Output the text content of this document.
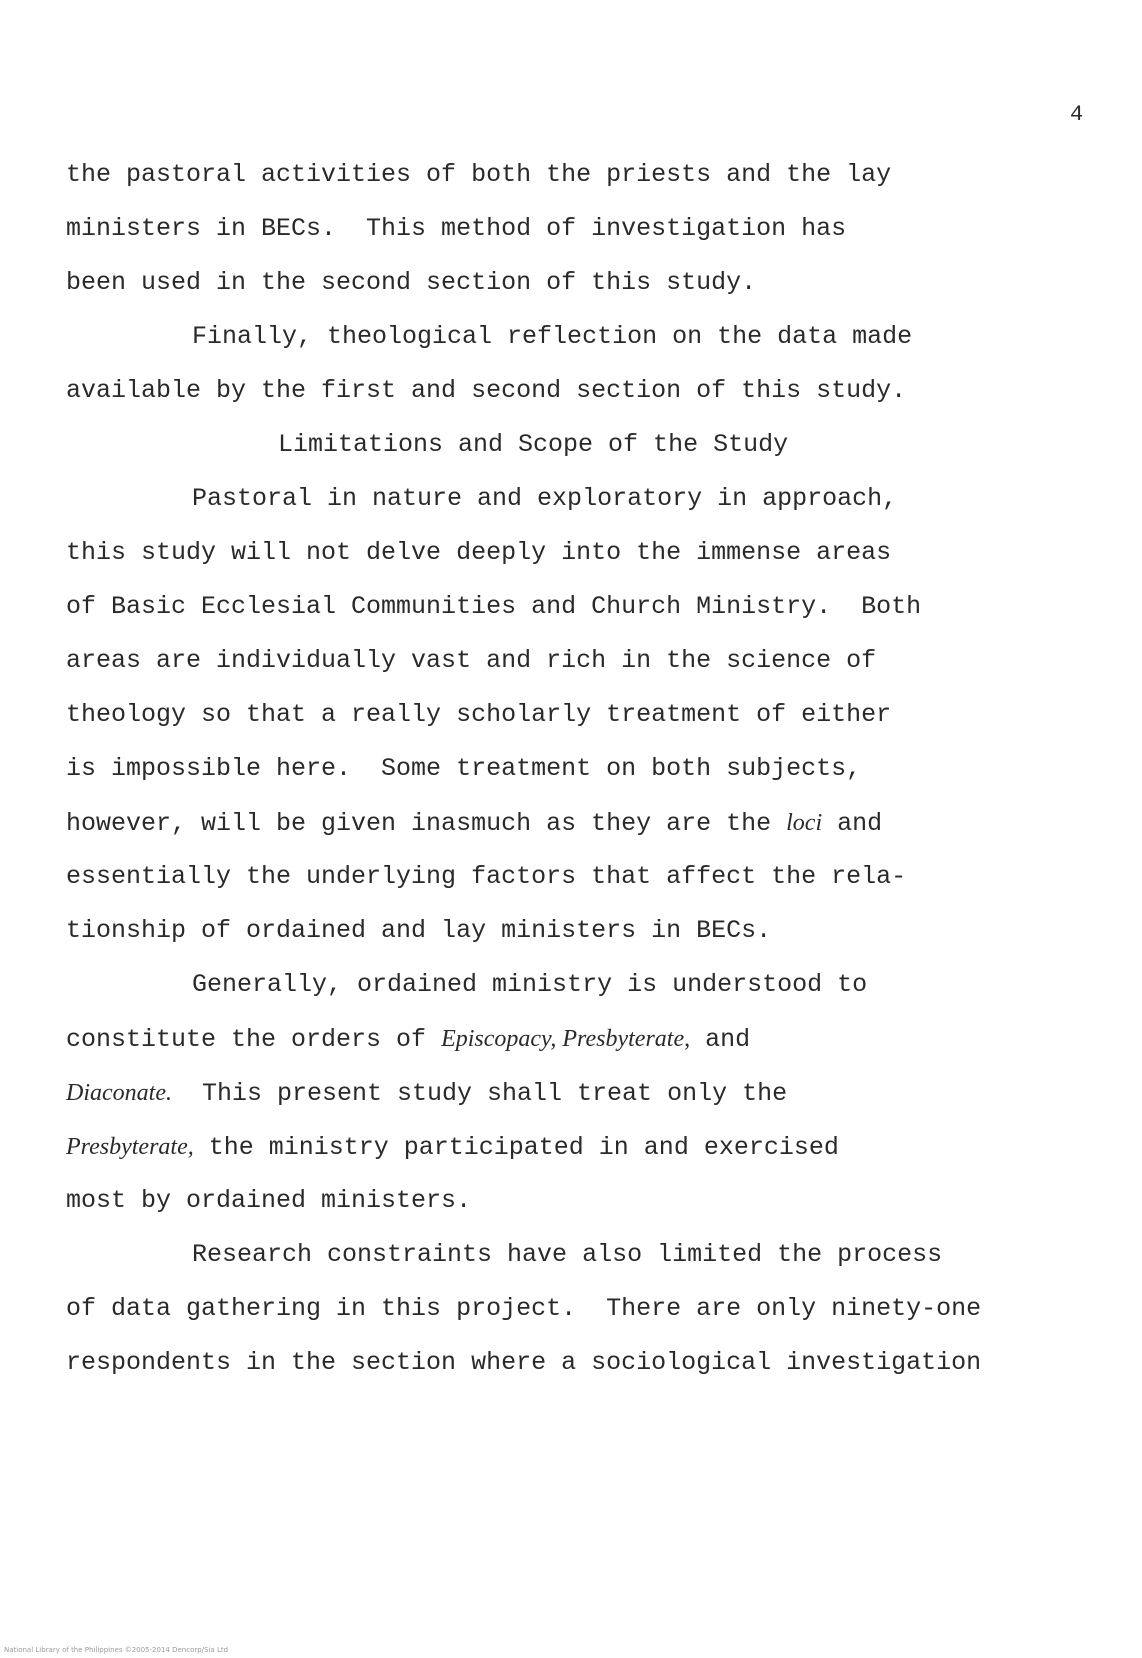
4
the pastoral activities of both the priests and the lay
ministers in BECs.  This method of investigation has
been used in the second section of this study.
Finally, theological reflection on the data made
available by the first and second section of this study.
Limitations and Scope of the Study
Pastoral in nature and exploratory in approach,
this study will not delve deeply into the immense areas
of Basic Ecclesial Communities and Church Ministry.  Both
areas are individually vast and rich in the science of
theology so that a really scholarly treatment of either
is impossible here.  Some treatment on both subjects,
however, will be given inasmuch as they are the loci and
essentially the underlying factors that affect the rela-
tionship of ordained and lay ministers in BECs.
Generally, ordained ministry is understood to
constitute the orders of Episcopacy, Presbyterate, and
Diaconate.  This present study shall treat only the
Presbyterate, the ministry participated in and exercised
most by ordained ministers.
Research constraints have also limited the process
of data gathering in this project.  There are only ninety-one
respondents in the section where a sociological investigation
National Library of the Philippines ©2005-2014 Dencorp/Sia Ltd
